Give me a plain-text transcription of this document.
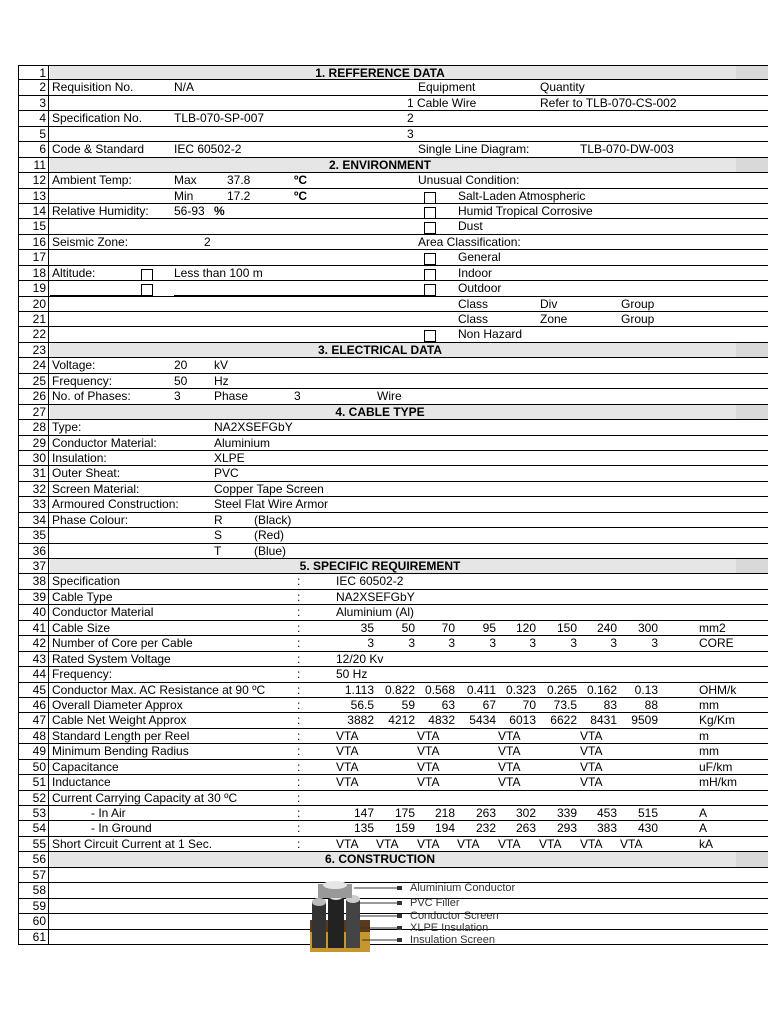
1	1. REFFERENCE DATA
2 Requisition No.	N/A	Equipment	Quantity
3	1 Cable Wire	Refer to TLB-070-CS-002
4 Specification No.	TLB-070-SP-007	2
5	3
6 Code & Standard IEC 60502-2	Single Line Diagram:	TLB-070-DW-003
11	2. ENVIRONMENT
12 Ambient Temp:	Max	37.8	ºC	Unusual Condition:
13	Min	17.2	ºC	Salt-Laden Atmospheric
14 Relative Humidity: 56-93 %	Humid Tropical Corrosive
15	Dust
16 Seismic Zone:	2	Area Classification:
17	General
18 Altitude:	Less than 100 m	Indoor
19	Outdoor
20	Class	Div	Group
21	Class	Zone	Group
22	Non Hazard
23	3. ELECTRICAL DATA
24 Voltage:	20 kV
25 Frequency:	50 Hz
26 No. of Phases:	3	Phase	3	Wire
27	4. CABLE TYPE
28 Type:	NA2XSEFGbY
29 Conductor Material:	Aluminium
30 Insulation:	XLPE
31 Outer Sheat:	PVC
32 Screen Material:	Copper Tape Screen
33 Armoured Construction:	Steel Flat Wire Armor
34 Phase Colour:	R	(Black)
35	S	(Red)
36	T	(Blue)
37	5. SPECIFIC REQUIREMENT
38 Specification	:	IEC 60502-2
39 Cable Type	:	NA2XSEFGbY
40 Conductor Material	:	Aluminium (Al)
41 Cable Size	:	35	50	70	95	120	150	240	300	mm2
42 Number of Core per Cable	:	3	3	3	3	3	3	3	3	CORE
43 Rated System Voltage	:	12/20 Kv
44 Frequency:	:	50 Hz
45 Conductor Max. AC Resistance at 90 ºC	:	1.113 0.822 0.568 0.411 0.323 0.265 0.162	0.13	OHM/k
46 Overall Diameter Approx	:	56.5	59	63	67	70	73.5	83	88	mm
47 Cable Net Weight Approx	:	3882	4212	4832	5434	6013	6622	8431	9509	Kg/Km
48 Standard Length per Reel	:	VTA	VTA	VTA	VTA	m
49 Minimum Bending Radius	:	VTA	VTA	VTA	VTA	mm
50 Capacitance	:	VTA	VTA	VTA	VTA	uF/km
51 Inductance	:	VTA	VTA	VTA	VTA	mH/km
52 Current Carrying Capacity at 30 ºC	:
53	- In Air	:	147	175	218	263	302	339	453	515	A
54	- In Ground	:	135	159	194	232	263	293	383	430	A
55 Short Circuit Current at 1 Sec.	:	VTA VTA VTA VTA VTA VTA VTA VTA	kA
56	6. CONSTRUCTION
57
58
59
60
61
Aluminium Conductor
PVC Filler
Conductor Screen
XLPE Insulation
Insulation Screen
